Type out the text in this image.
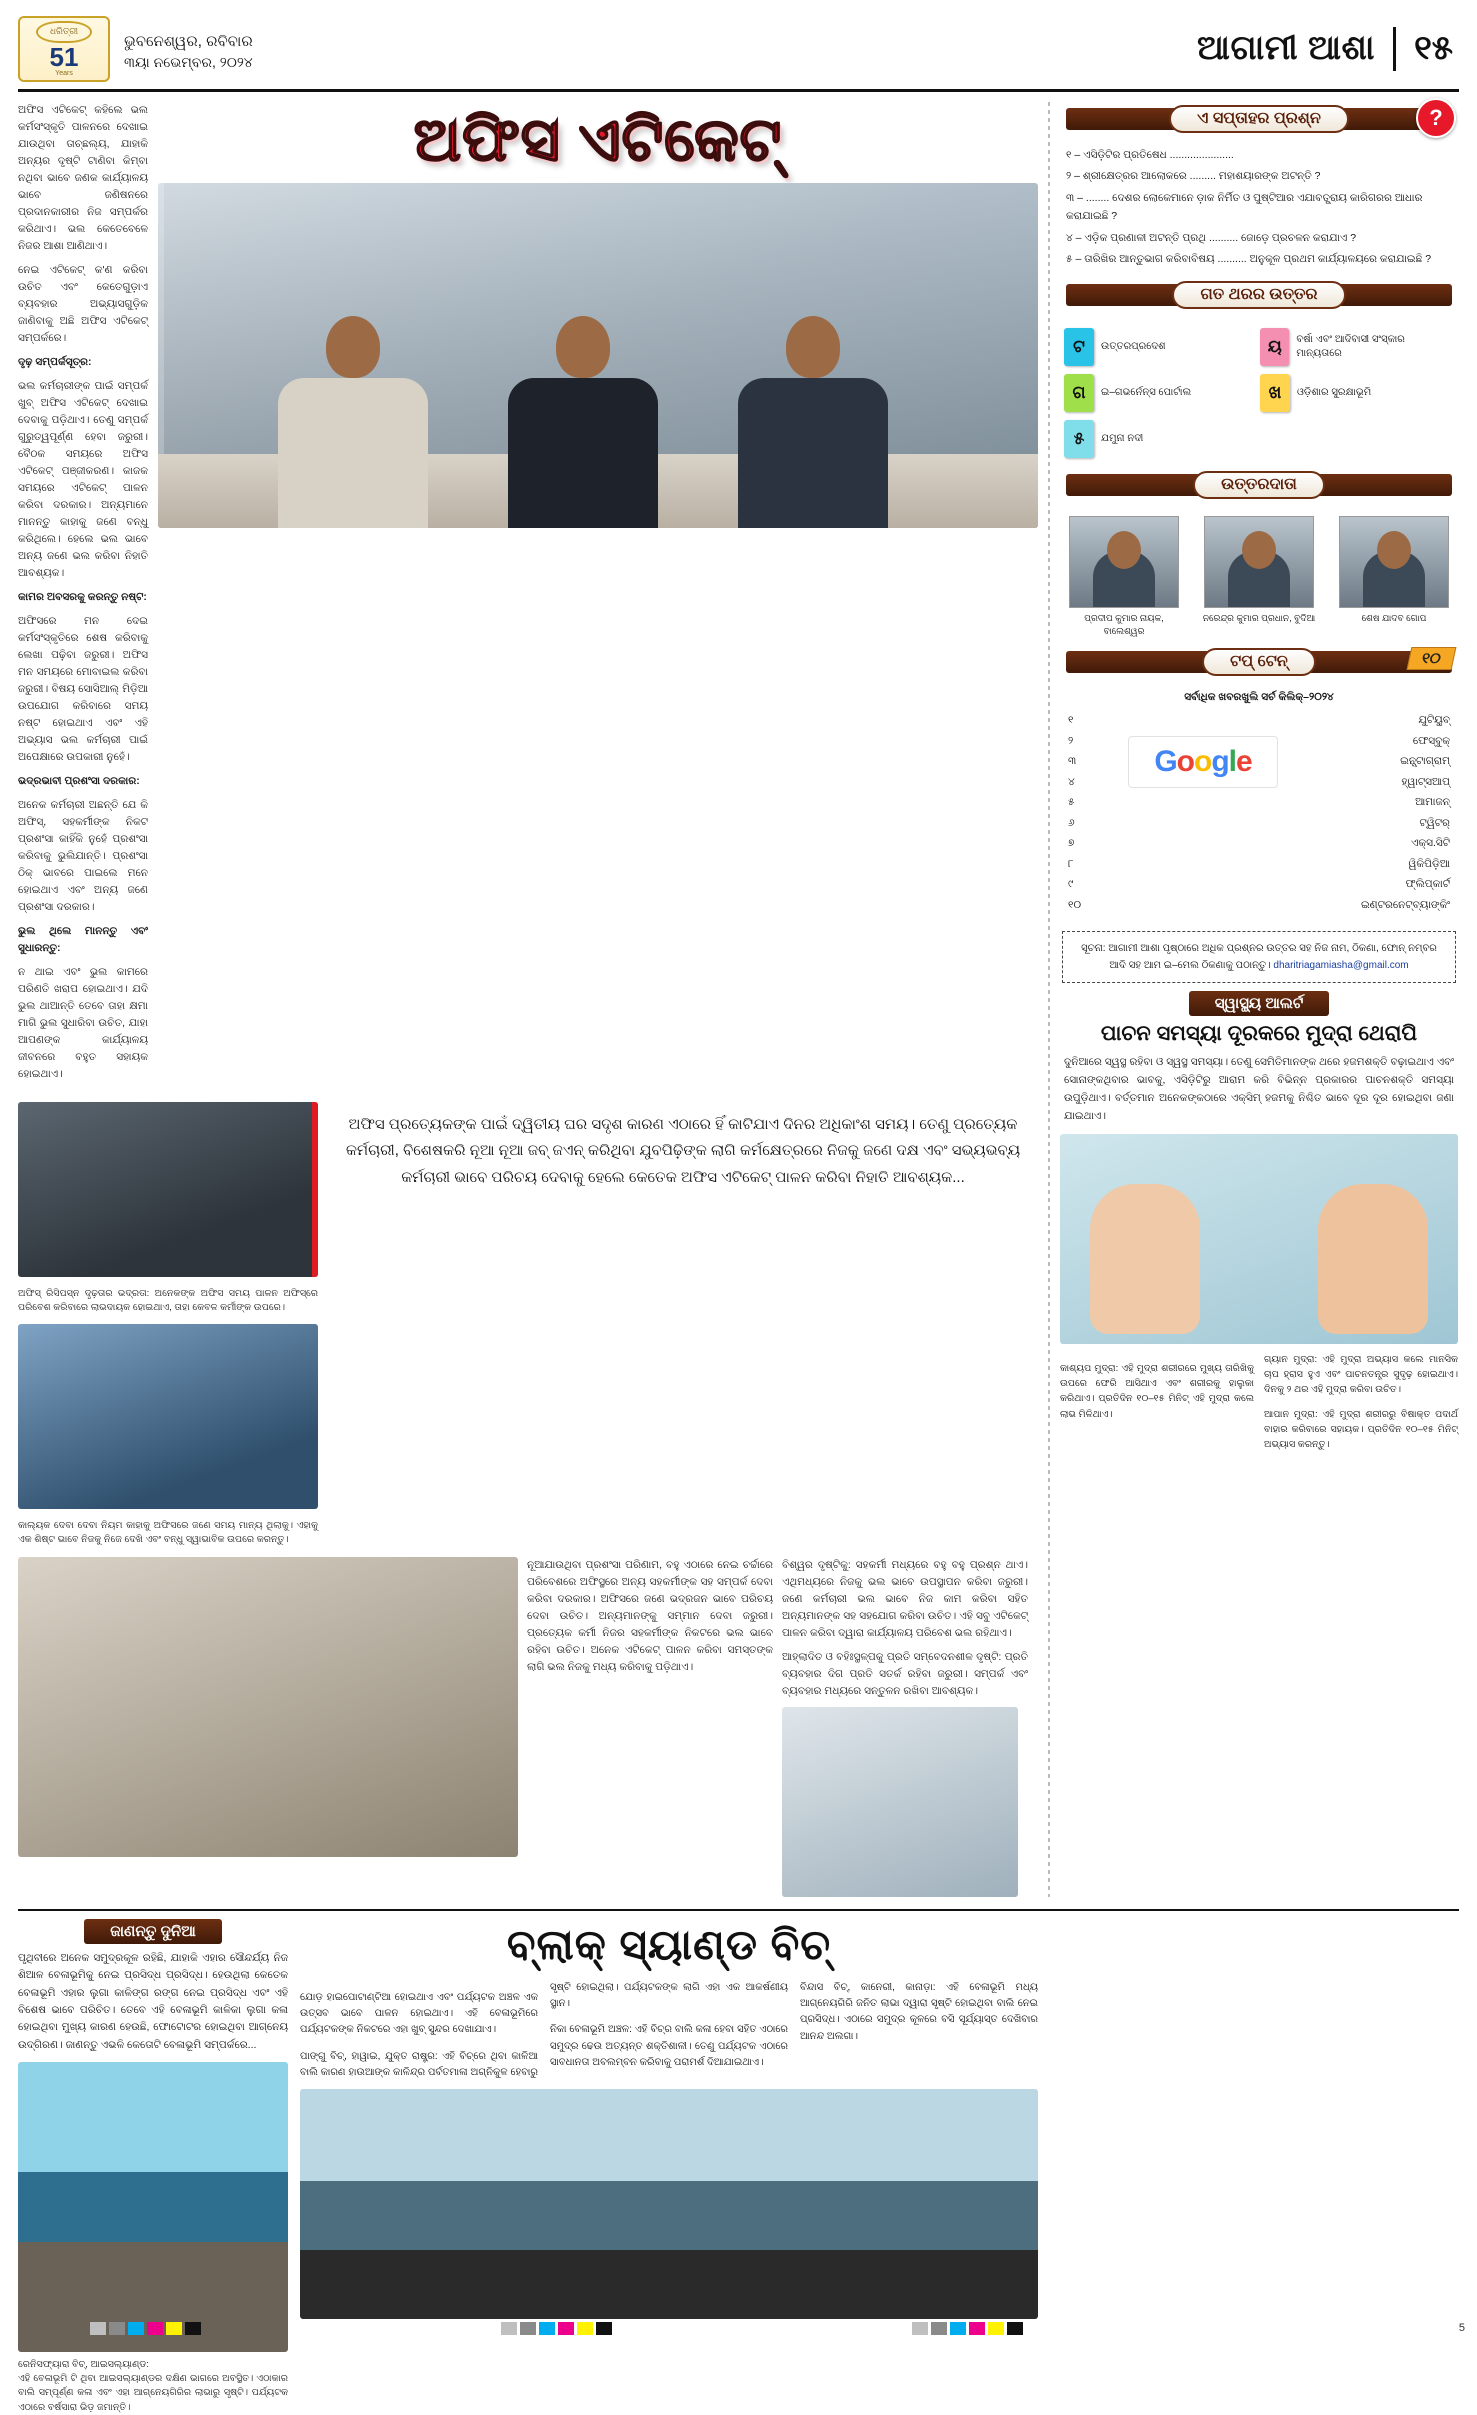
ଧରିତ୍ରୀ
51
Years
ଭୁବନେଶ୍ୱର, ରବିବାର
୩ୟା ନଭେମ୍ବର, ୨୦୨୪	ଆଗାମୀ ଆଶା ୧୫

ଅଫିସ ଏଟିକେଟ୍ କହିଲେ ଭଲ କର୍ମସଂସ୍କୃତି ପାଳନରେ ଦେଖାଇ ଯାଉଥିବା ତାଚ୍ଛଲ୍ୟ, ଯାହାକି ଅନ୍ୟର ଦୃଷ୍ଟି ଟାଣିବା କିମ୍ବା ନଥିବା ଭାବେ ଜଣକ କାର୍ଯ୍ୟାଳୟ ଭାବେ ଜଣିଷନରେ ପ୍ରଦାନକାରୀର ନିଜ ସମ୍ପର୍କର କରିଥାଏ। ଭଲ କେତେବେଳେ ନିଜର ଆଶା ଆଣିଥାଏ।

ନେଇ ଏଟିକେଟ୍ କ'ଣ କରିବା ଉଚିତ ଏବଂ କେତେଗୁଡ଼ାଏ ବ୍ୟବହାର ଅଭ୍ୟାସଗୁଡ଼ିକ ଜାଣିବାକୁ ଅଛି ଅଫିସ ଏଟିକେଟ୍ ସମ୍ପର୍କରେ।

ଦୃଢ଼ ସମ୍ପର୍କସୂତ୍ର:

ଭଲ କର୍ମଚାରୀଙ୍କ ପାଇଁ ସମ୍ପର୍କ ଖୁବ୍ ଅଫିସ ଏଟିକେଟ୍ ଦେଖାଇ ଦେବାକୁ ପଡ଼ିଥାଏ। ତେଣୁ ସମ୍ପର୍କ ଗୁରୁତ୍ୱପୂର୍ଣ୍ଣ ହେବା ଜରୁରୀ। ବୈଠକ ସମୟରେ ଅଫିସ ଏଟିକେଟ୍ ପଞ୍ଜୀକରଣ। କାଜକ ସମୟରେ ଏଟିକେଟ୍ ପାଳନ କରିବା ଦରକାର। ଅନ୍ୟମାନେ ମାନନ୍ତୁ କାହାକୁ ଜଣେ ବନ୍ଧୁ କରିଥିଲେ। ହେଲେ ଭଲ ଭାବେ ଅନ୍ୟ ଜଣେ ଭଲ କରିବା ନିହାତି ଆବଶ୍ୟକ।

କାମର ଅବସରକୁ କରନ୍ତୁ ନଷ୍ଟ:

ଅଫିସରେ ମନ ଦେଇ କର୍ମସଂସ୍କୃତିରେ ଶେଷ କରିବାକୁ ଲେଖା ପଢ଼ିବା ଜରୁରୀ। ଅଫିସ ମନ ସମୟରେ ମୋବାଇଲ କରିବା ଜରୁରୀ। ବିଷୟ ସୋସିଆଲ୍ ମିଡ଼ିଆ ଉପଯୋଗ କରିବାରେ ସମୟ ନଷ୍ଟ ହୋଇଥାଏ ଏବଂ ଏହି ଅଭ୍ୟାସ ଭଲ କର୍ମଚାରୀ ପାଇଁ ଅପେକ୍ଷାରେ ଉପକାରୀ ନୁହେଁ।

ଭଦ୍ରଭାବୀ ପ୍ରଶଂସା ଦରକାର:

ଅନେକ କର୍ମଚାରୀ ଅଛନ୍ତି ଯେ କି ଅଫିସ୍, ସହକର୍ମୀଙ୍କ ନିକଟ ପ୍ରଶଂସା କାହିଁକି ନୁହେଁ ପ୍ରଶଂସା କରିବାକୁ ଭୁଲିଯାନ୍ତି। ପ୍ରଶଂସା ଠିକ୍ ଭାବରେ ପାଇଲେ ମନେ ହୋଇଥାଏ ଏବଂ ଅନ୍ୟ ଜଣେ ପ୍ରଶଂସା ଦରକାର।

ଭୁଲ ଥିଲେ ମାନନ୍ତୁ ଏବଂ ସୁଧାରନ୍ତୁ:

ନ ଥାଇ ଏବଂ ଭୁଲ କାମରେ ପରିଣତି ଖରାପ ହୋଇଥାଏ। ଯଦି ଭୁଲ ଥାଆନ୍ତି ତେବେ ତାହା କ୍ଷମା ମାଗି ଭୁଲ ସୁଧାରିବା ଉଚିତ, ଯାହା ଆପଣଙ୍କ କାର୍ଯ୍ୟାଳୟ ଜୀବନରେ ବହୁତ ସହାୟକ ହୋଇଥାଏ।

ଅଫିସ ଏଟିକେଟ୍
ଅଫିସ୍ ରିସିପସ୍ନ ଦୃଢ଼ତାର ଭଦ୍ରତା: ଅନେକଙ୍କ ଅଫିସ ସମୟ ପାଳନ ଅଫିସ୍ରେ ପରିବେଶ କରିବାରେ ଲାଭଦାୟକ ହୋଇଥାଏ, ତାହା କେବଳ କର୍ମୀଙ୍କ ଉପରେ।
କାଲ୍ୟକ ଦେବା ଦେବା ନିୟମ କାହାକୁ ଅଫିସରେ ଜଣେ ସମୟ ମାନ୍ୟ ଥିଲାକୁ। ଏହାକୁ ଏକ ଶିଷ୍ଟ ଭାବେ ନିଜକୁ ନିଜେ ଦେଖି ଏବଂ ବନ୍ଧୁ ସ୍ୱାଭାବିକ ଉପରେ କରନ୍ତୁ।
ଅଫିସ ପ୍ରତ୍ୟେକଙ୍କ ପାଇଁ ଦ୍ୱିତୀୟ ଘର ସଦୃଶ କାରଣ ଏଠାରେ ହିଁ କାଟିଯାଏ ଦିନର ଅଧିକାଂଶ ସମୟ। ତେଣୁ ପ୍ରତ୍ୟେକ କର୍ମଚାରୀ, ବିଶେଷକରି ନୂଆ ନୂଆ ଜବ୍ ଜଏନ୍ କରିଥିବା ଯୁବପିଢ଼ିଙ୍କ ଲାଗି କର୍ମକ୍ଷେତ୍ରରେ ନିଜକୁ ଜଣେ ଦକ୍ଷ ଏବଂ ସଭ୍ୟଭବ୍ୟ କର୍ମଚାରୀ ଭାବେ ପରିଚୟ ଦେବାକୁ ହେଲେ କେତେକ ଅଫିସ ଏଟିକେଟ୍ ପାଳନ କରିବା ନିହାତି ଆବଶ୍ୟକ...

ନୂଆଯାଉଥିବା ପ୍ରଶଂସା ପରିଣାମ, ବହୁ ଏଠାରେ ନେଇ ଚର୍ଚ୍ଚାରେ ପରିବେଶରେ ଅଫିସ୍ଥରେ ଅନ୍ୟ ସହକର୍ମୀଙ୍କ ସହ ସମ୍ପର୍କ ଦେବା କରିବା ଦରକାର। ଅଫିସରେ ଜଣେ ଭଦ୍ରଜନ ଭାବେ ପରିଚୟ ଦେବା ଉଚିତ। ଅନ୍ୟମାନଙ୍କୁ ସମ୍ମାନ ଦେବା ଜରୁରୀ। ପ୍ରତ୍ୟେକ କର୍ମୀ ନିଜର ସହକର୍ମୀଙ୍କ ନିକଟରେ ଭଲ ଭାବେ ରହିବା ଉଚିତ। ଅନେକ ଏଟିକେଟ୍ ପାଳନ କରିବା ସମସ୍ତଙ୍କ ଲାଗି ଭଲ ନିଜକୁ ମଧ୍ୟ କରିବାକୁ ପଡ଼ିଥାଏ।

ବିଶ୍ୱର ଦୃଷ୍ଟିକୁ: ସହକର୍ମୀ ମଧ୍ୟରେ ବହୁ ବହୁ ପ୍ରଶ୍ନ ଥାଏ। ଏଥିମଧ୍ୟରେ ନିଜକୁ ଭଲ ଭାବେ ଉପସ୍ଥାପନ କରିବା ଜରୁରୀ। ଜଣେ କର୍ମଚାରୀ ଭଲ ଭାବେ ନିଜ କାମ କରିବା ସହିତ ଅନ୍ୟମାନଙ୍କ ସହ ସହଯୋଗ କରିବା ଉଚିତ। ଏହି ସବୁ ଏଟିକେଟ୍ ପାଳନ କରିବା ଦ୍ୱାରା କାର୍ଯ୍ୟାଳୟ ପରିବେଶ ଭଲ ରହିଥାଏ।

ଆହ୍ଲାଦିତ ଓ ବହିଃସ୍ଥଳ୍ପକୁ ପ୍ରତି ସମ୍ବେଦନଶୀଳ ଦୃଷ୍ଟି: ପ୍ରତି ବ୍ୟବହାର ଦିଗ ପ୍ରତି ସତର୍କ ରହିବା ଜରୁରୀ। ସମ୍ପର୍କ ଏବଂ ବ୍ୟବହାର ମଧ୍ୟରେ ସନ୍ତୁଳନ ରଖିବା ଆବଶ୍ୟକ।

ଏ ସପ୍ତାହର ପ୍ରଶ୍ନ	?
୧ – ଏସିଡ଼ିଟିର ପ୍ରତିଷେଧ ......................
୨ – ଶ୍ରୀକ୍ଷେତ୍ରର ଆଲୋକରେ ......... ମହାଶୟାରଙ୍କ ଅଟନ୍ତି ?
୩ – ........ ଦେଶର ଲୋକେମାନେ ଡ଼ାକ ନିର୍ମିତ ଓ ପୁଷ୍ଟିଆର ଏଯାବତ୍ପ୍ରାୟ କାରିଗରର ଆଧାର କରାଯାଇଛି ?
୪ – ଏଡ଼ିକ ପ୍ରଣାଳୀ ଅଟନ୍ତି ପ୍ରଥି .......... ଜୋଡ଼େ ପ୍ରଚଳନ କରାଯାଏ ?
୫ – ତାରିଖିର ଆନ୍ତୁଭାଗ କରିବାବିଷୟ .......... ଅନୁକୂଳ ପ୍ରଥମ କାର୍ଯ୍ୟାଳୟରେ କରାଯାଇଛି ?
ଗତ ଥରର ଉତ୍ତର
ଟ	ଉତ୍ତରପ୍ରଦେଶ	ୟ	ବର୍ଷା ଏବଂ ଆଦିବାସୀ ସଂସ୍କାର ମାନ୍ୟତାରେ
ଗ	ଇ–ଗଭର୍ନେନ୍ସ ପୋର୍ଟାଲ	ଖ	ଓଡ଼ିଶାର ସୁରକ୍ଷାଭୂମି
୫	ଯମୁନା ନଦୀ
ଉତ୍ତରଦାତା
ପ୍ରଦୀପ କୁମାର ନାୟକ, ବାଲେଶ୍ୱର
ନରେନ୍ଦ୍ର କୁମାର ପ୍ରଧାନ, ବୁଦିଆ	ଶେଷ ଯାଦବ ଗୋପ
ଟପ୍ ଟେନ୍	୧୦
ସର୍ବାଧିକ ଖବରଖୁଲି ସର୍ଚ କିଲିକ୍–୨୦୨୪
G o o g l e
୧	ଯୁଟିୟୁବ୍
୨	ଫେସ୍ବୁକ୍
୩	ଇନ୍ସ୍ଟାଗ୍ରାମ୍
୪	ହ୍ୱାଟ୍ସଆପ୍
୫	ଆମାଜନ୍
୬	ଟ୍ୱିଟର୍
୭	ଏକ୍ସ.ସିଟି
୮	ୱିକିପିଡ଼ିଆ
୯	ଫ୍ଲିପ୍କାର୍ଟ
୧୦	ଇଣ୍ଟରନେଟ୍ବ୍ୟାଙ୍କିଂ
ସୂଚନା: ଆଗାମୀ ଆଶା ପୃଷ୍ଠାରେ ଅଧିକ ପ୍ରଶ୍ନର ଉତ୍ତର ସହ ନିଜ ନାମ, ଠିକଣା, ଫୋନ୍ ନମ୍ବର ଆଦି ସହ ଆମ ଇ–ମେଲ ଠିକଣାକୁ ପଠାନ୍ତୁ। dharitriagamiasha@gmail.com
ସ୍ୱାସ୍ଥ୍ୟ ଆଲର୍ଟ
ପାଚନ ସମସ୍ୟା ଦୂରକରେ ମୁଦ୍ରା ଥେରାପି
ଦୁନିଆରେ ସ୍ୱସ୍ଥ ରହିବା ଓ ସ୍ୱସ୍ଥ ସମସ୍ୟା। ତେଣୁ ସେମିତିମାନଙ୍କ ଥରେ ହଜମଶକ୍ତି ବଢ଼ାଇଥାଏ ଏବଂ ସୋନାଙ୍କଥିବାର ଭାବକୁ, ଏସିଡ଼ିଟିରୁ ଆରାମ କରି ବିଭିନ୍ନ ପ୍ରକାରର ପାଚନଶକ୍ତି ସମସ୍ୟା ଉପୁଡ଼ିଥାଏ। ବର୍ତ୍ତମାନ ଅନେକଙ୍କଠାରେ ଏକ୍ସିମ୍ ହଜମକୁ ନିଶ୍ଚିତ ଭାବେ ଦୂର ଦୂର ହୋଇଥିବା ଜଣା ଯାଇଥାଏ।

କାଶ୍ୟପ ମୁଦ୍ରା: ଏହି ମୁଦ୍ରା ଶରୀରରେ ମୁଖ୍ୟ ତାରିଖିକୁ ଉପରେ ଫେରି ଆସିଥାଏ ଏବଂ ଶରୀରକୁ ହାଲୁକା କରିଥାଏ। ପ୍ରତିଦିନ ୧୦–୧୫ ମିନିଟ୍ ଏହି ମୁଦ୍ରା କଲେ ଲାଭ ମିଳିଥାଏ।

ଗ୍ୟାନ ମୁଦ୍ରା: ଏହି ମୁଦ୍ରା ଅଭ୍ୟାସ କଲେ ମାନସିକ ଚାପ ହ୍ରାସ ହୁଏ ଏବଂ ପାଚନତନ୍ତ୍ର ସୁଦୃଢ଼ ହୋଇଥାଏ। ଦିନକୁ ୨ ଥର ଏହି ମୁଦ୍ରା କରିବା ଉଚିତ।

ଆପାନ ମୁଦ୍ରା: ଏହି ମୁଦ୍ରା ଶରୀରରୁ ବିଷାକ୍ତ ପଦାର୍ଥ ବାହାର କରିବାରେ ସହାୟକ। ପ୍ରତିଦିନ ୧୦–୧୫ ମିନିଟ୍ ଅଭ୍ୟାସ କରନ୍ତୁ।

ଜାଣନ୍ତୁ ଦୁନିଆ
ପୃଥିବୀରେ ଅନେକ ସମୁଦ୍ରକୂଳ ରହିଛି, ଯାହାକି ଏହାର ସୌନ୍ଦର୍ଯ୍ୟ ନିଜ ଶିଆଳ ବେଳାଭୂମିକୁ ନେଇ ପ୍ରସିଦ୍ଧ ପ୍ରସିଦ୍ଧ। ହେଉଥିଲା କେତେକ ବେଳାଭୂମି ଏହାର ଲୁଗା କାଳିଙ୍ଗ ରଙ୍ଗ ନେଇ ପ୍ରସିଦ୍ଧ ଏବଂ ଏହି ବିଶେଷ ଭାବେ ପରିଚିତ। ତେବେ ଏହି ବେଳାଭୂମି କାଳିକା ଲୁଗା କଳା ହୋଇଥିବା ମୁଖ୍ୟ କାରଣ ହେଉଛି, ଫୋଟୋଟର ହୋଇଥିବା ଆଗ୍ନେୟ ଉଦ୍ଗିରଣ। ଜାଣନ୍ତୁ ଏଭଳି କେତୋଟି ବେଳାଭୂମି ସମ୍ପର୍କରେ...
ରେନିସଫ୍ୟାରା ବିଚ୍, ଆଇସଲ୍ୟାଣ୍ଡ:
ଏହି ବେଳାଭୂମି ଟି ଥିବା ଆଇସଲ୍ୟାଣ୍ଡର ଦକ୍ଷିଣ ଭାଗରେ ଅବସ୍ଥିତ। ଏଠାକାର ବାଲି ସମ୍ପୂର୍ଣ୍ଣ କଳା ଏବଂ ଏହା ଆଗ୍ନେୟଗିରିର ଲାଭାରୁ ସୃଷ୍ଟି। ପର୍ଯ୍ୟଟକ ଏଠାରେ ବର୍ଷସାରା ଭିଡ଼ ଜମାନ୍ତି।
ବ୍ଲାକ୍ ସ୍ୟାଣ୍ଡ ବିଚ୍

ଯୋଡ଼ ହାଇପୋଟାଣ୍ଟିଆ ହୋଇଥାଏ ଏବଂ ପର୍ଯ୍ୟଟକ ଅଞ୍ଚଳ ଏକ ଉତ୍ସବ ଭାବେ ପାଳନ ହୋଇଥାଏ। ଏହି ବେଳାଭୂମିରେ ପର୍ଯ୍ୟଟକଙ୍କ ନିକଟରେ ଏହା ଖୁବ୍ ସୁନ୍ଦର ଦେଖାଯାଏ।

ପାଙ୍ଗୁ ବିଚ୍, ହାୱାଇ, ଯୁକ୍ତ ରାଷ୍ଟ୍ର: ଏହି ବିଚ୍ରେ ଥିବା କାଳିଆ ବାଲି କାରଣ ହାଉଆଙ୍କ କାଳିନ୍ଦ୍ର ପର୍ବତମାଳା ଅଗ୍ନିକୁଳ ହେବାରୁ ସୃଷ୍ଟି ହୋଇଥିଲା। ପର୍ଯ୍ୟଟକଙ୍କ ଲାଗି ଏହା ଏକ ଆକର୍ଷଣୀୟ ସ୍ଥାନ।

ନିକା ବେଳାଭୂମି ଅଞ୍ଚଳ: ଏହି ବିଚ୍ର ବାଲି କଳା ହେବା ସହିତ ଏଠାରେ ସମୁଦ୍ର ଢେଉ ଅତ୍ୟନ୍ତ ଶକ୍ତିଶାଳୀ। ତେଣୁ ପର୍ଯ୍ୟଟକ ଏଠାରେ ସାବଧାନତା ଅବଲମ୍ବନ କରିବାକୁ ପରାମର୍ଶ ଦିଆଯାଇଥାଏ।

ବିନ୍ଦାସ ବିଚ୍, କାନେରୀ, କାନାଡ଼ା: ଏହି ବେଳାଭୂମି ମଧ୍ୟ ଆଗ୍ନେୟଗିରି ଜନିତ ଲାଭା ଦ୍ୱାରା ସୃଷ୍ଟି ହୋଇଥିବା ବାଲି ନେଇ ପ୍ରସିଦ୍ଧ। ଏଠାରେ ସମୁଦ୍ର କୂଳରେ ବସି ସୂର୍ଯ୍ୟାସ୍ତ ଦେଖିବାର ଆନନ୍ଦ ଅଲଗା।

5
